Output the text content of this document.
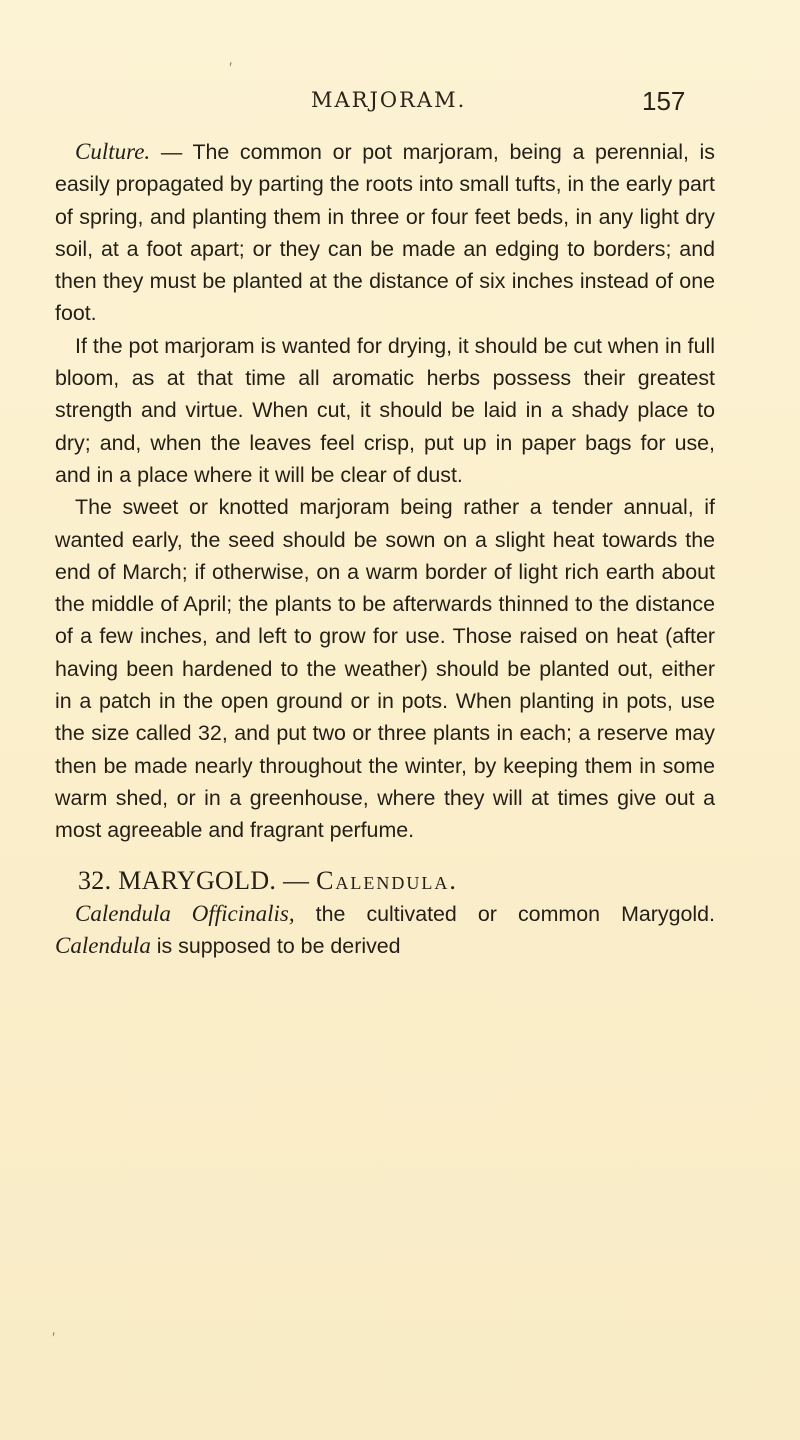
MARJORAM.	157

Culture. — The common or pot marjoram, being a perennial, is easily propagated by parting the roots into small tufts, in the early part of spring, and planting them in three or four feet beds, in any light dry soil, at a foot apart; or they can be made an edging to borders; and then they must be planted at the distance of six inches instead of one foot.

If the pot marjoram is wanted for drying, it should be cut when in full bloom, as at that time all aromatic herbs possess their greatest strength and virtue. When cut, it should be laid in a shady place to dry; and, when the leaves feel crisp, put up in paper bags for use, and in a place where it will be clear of dust.

The sweet or knotted marjoram being rather a tender annual, if wanted early, the seed should be sown on a slight heat towards the end of March; if otherwise, on a warm border of light rich earth about the middle of April; the plants to be afterwards thinned to the distance of a few inches, and left to grow for use. Those raised on heat (after having been hardened to the weather) should be planted out, either in a patch in the open ground or in pots. When planting in pots, use the size called 32, and put two or three plants in each; a reserve may then be made nearly throughout the winter, by keeping them in some warm shed, or in a greenhouse, where they will at times give out a most agreeable and fragrant perfume.

32. MARYGOLD. — Calendula.

Calendula Officinalis, the cultivated or common Marygold. Calendula is supposed to be derived

′
′
